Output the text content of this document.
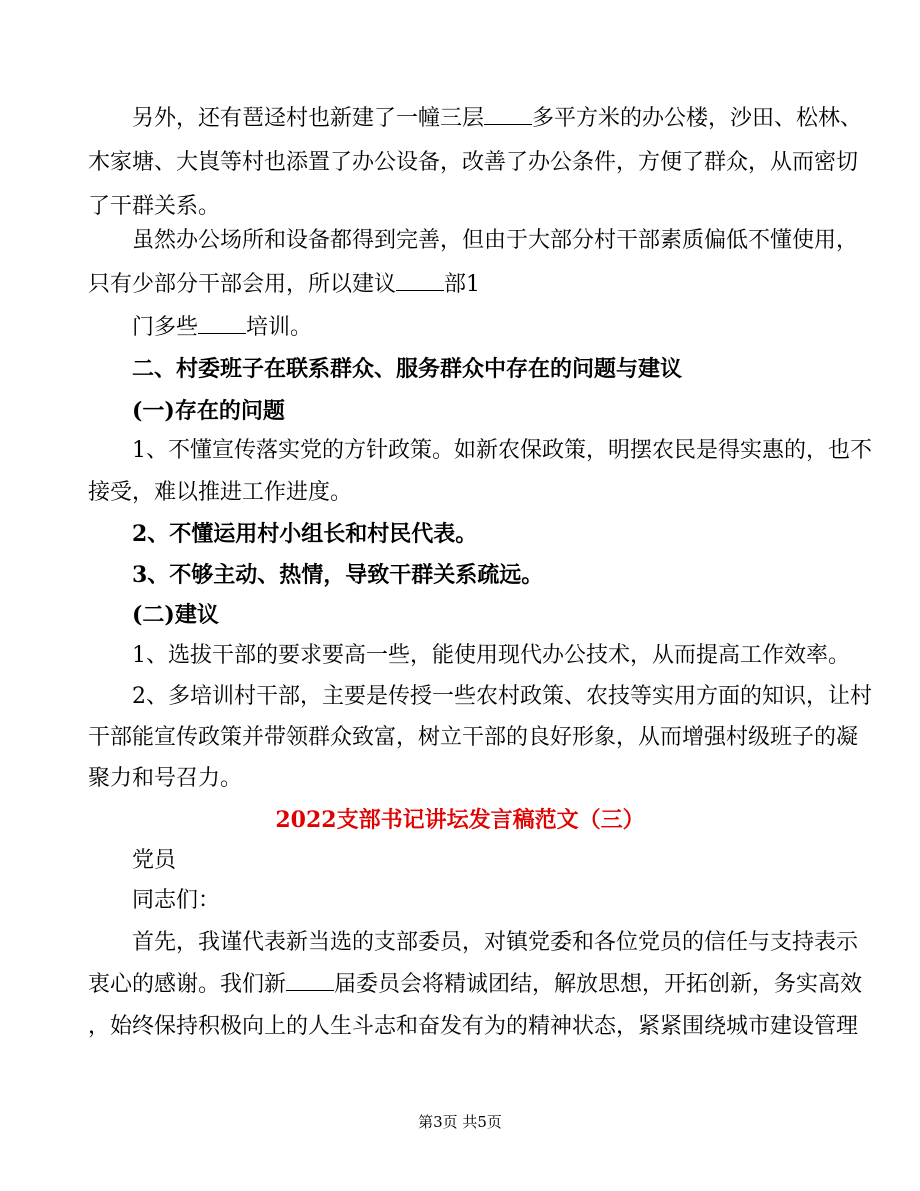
另外，还有琶迳村也新建了一幢三层 多平方米的办公楼，沙田、松林、
木家塘、大崀等村也添置了办公设备，改善了办公条件，方便了群众，从而密切
了干群关系。
虽然办公场所和设备都得到完善，但由于大部分村干部素质偏低不懂使用，
只有少部分干部会用，所以建议 部1
门多些 培训。
二、村委班子在联系群众、服务群众中存在的问题与建议
(一)存在的问题
1、不懂宣传落实党的方针政策。如新农保政策，明摆农民是得实惠的，也不
接受，难以推进工作进度。
2、不懂运用村小组长和村民代表。
3、不够主动、热情，导致干群关系疏远。
(二)建议
1、选拔干部的要求要高一些，能使用现代办公技术，从而提高工作效率。
2、多培训村干部，主要是传授一些农村政策、农技等实用方面的知识，让村
干部能宣传政策并带领群众致富，树立干部的良好形象，从而增强村级班子的凝
聚力和号召力。
2022支部书记讲坛发言稿范文（三）
党员
同志们：
首先，我谨代表新当选的支部委员，对镇党委和各位党员的信任与支持表示
衷心的感谢。我们新 届委员会将精诚团结，解放思想，开拓创新，务实高效
，始终保持积极向上的人生斗志和奋发有为的精神状态，紧紧围绕城市建设管理
第3页 共5页
